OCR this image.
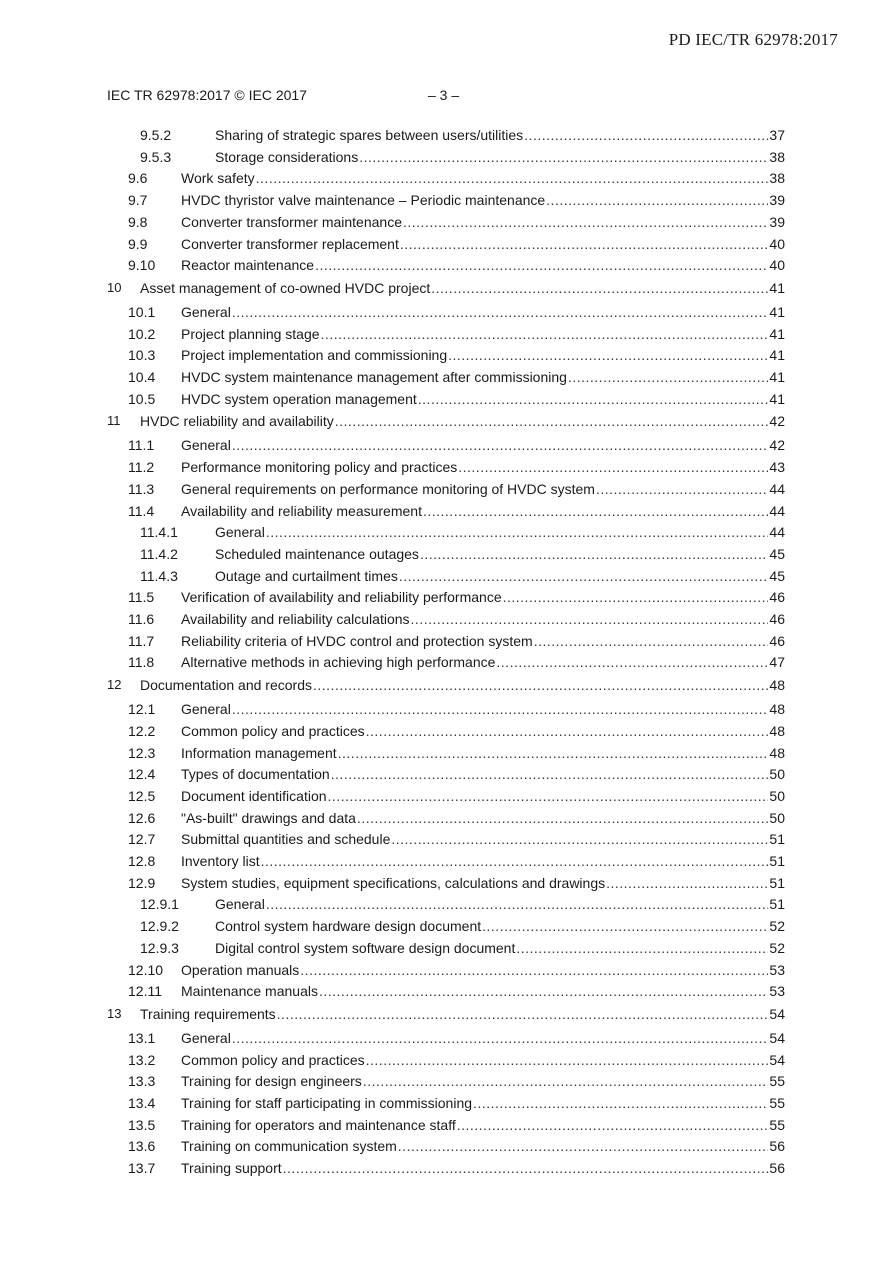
PD IEC/TR 62978:2017
IEC TR 62978:2017 © IEC 2017	– 3 –
9.5.2	Sharing of strategic spares between users/utilities .....	37
9.5.3	Storage considerations .....	38
9.6 Work safety .....	38
9.7 HVDC thyristor valve maintenance – Periodic maintenance .....	39
9.8 Converter transformer maintenance .....	39
9.9 Converter transformer replacement .....	40
9.10 Reactor maintenance .....	40
10 Asset management of co-owned HVDC project .....	41
10.1 General .....	41
10.2 Project planning stage .....	41
10.3 Project implementation and commissioning .....	41
10.4 HVDC system maintenance management after commissioning .....	41
10.5 HVDC system operation management .....	41
11 HVDC reliability and availability .....	42
11.1 General .....	42
11.2 Performance monitoring policy and practices .....	43
11.3 General requirements on performance monitoring of HVDC system .....	44
11.4 Availability and reliability measurement .....	44
11.4.1	General .....	44
11.4.2	Scheduled maintenance outages .....	45
11.4.3	Outage and curtailment times .....	45
11.5 Verification of availability and reliability performance .....	46
11.6 Availability and reliability calculations .....	46
11.7 Reliability criteria of HVDC control and protection system .....	46
11.8 Alternative methods in achieving high performance .....	47
12 Documentation and records .....	48
12.1 General .....	48
12.2 Common policy and practices .....	48
12.3 Information management .....	48
12.4 Types of documentation .....	50
12.5 Document identification .....	50
12.6 "As-built" drawings and data .....	50
12.7 Submittal quantities and schedule .....	51
12.8 Inventory list .....	51
12.9 System studies, equipment specifications, calculations and drawings .....	51
12.9.1	General .....	51
12.9.2	Control system hardware design document .....	52
12.9.3	Digital control system software design document .....	52
12.10 Operation manuals .....	53
12.11 Maintenance manuals .....	53
13 Training requirements .....	54
13.1 General .....	54
13.2 Common policy and practices .....	54
13.3 Training for design engineers .....	55
13.4 Training for staff participating in commissioning .....	55
13.5 Training for operators and maintenance staff .....	55
13.6 Training on communication system .....	56
13.7 Training support .....	56
